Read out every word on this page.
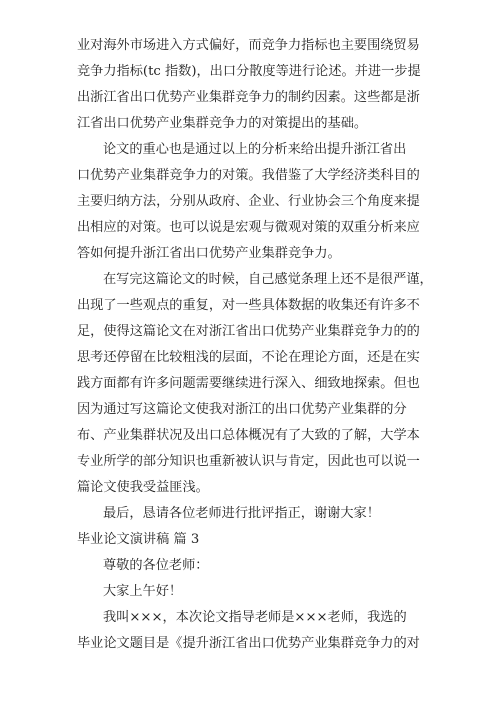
业对海外市场进入方式偏好，而竞争力指标也主要围绕贸易
竞争力指标(tc 指数)，出口分散度等进行论述。并进一步提
出浙江省出口优势产业集群竞争力的制约因素。这些都是浙
江省出口优势产业集群竞争力的对策提出的基础。
论文的重心也是通过以上的分析来给出提升浙江省出
口优势产业集群竞争力的对策。我借鉴了大学经济类科目的
主要归纳方法，分别从政府、企业、行业协会三个角度来提
出相应的对策。也可以说是宏观与微观对策的双重分析来应
答如何提升浙江省出口优势产业集群竞争力。
在写完这篇论文的时候，自己感觉条理上还不是很严谨，
出现了一些观点的重复，对一些具体数据的收集还有许多不
足，使得这篇论文在对浙江省出口优势产业集群竞争力的的
思考还停留在比较粗浅的层面，不论在理论方面，还是在实
践方面都有许多问题需要继续进行深入、细致地探索。但也
因为通过写这篇论文使我对浙江的出口优势产业集群的分
布、产业集群状况及出口总体概况有了大致的了解，大学本
专业所学的部分知识也重新被认识与肯定，因此也可以说一
篇论文使我受益匪浅。
最后，恳请各位老师进行批评指正，谢谢大家！
毕业论文演讲稿 篇 3
尊敬的各位老师：
大家上午好！
我叫×××，本次论文指导老师是×××老师，我选的
毕业论文题目是《提升浙江省出口优势产业集群竞争力的对
